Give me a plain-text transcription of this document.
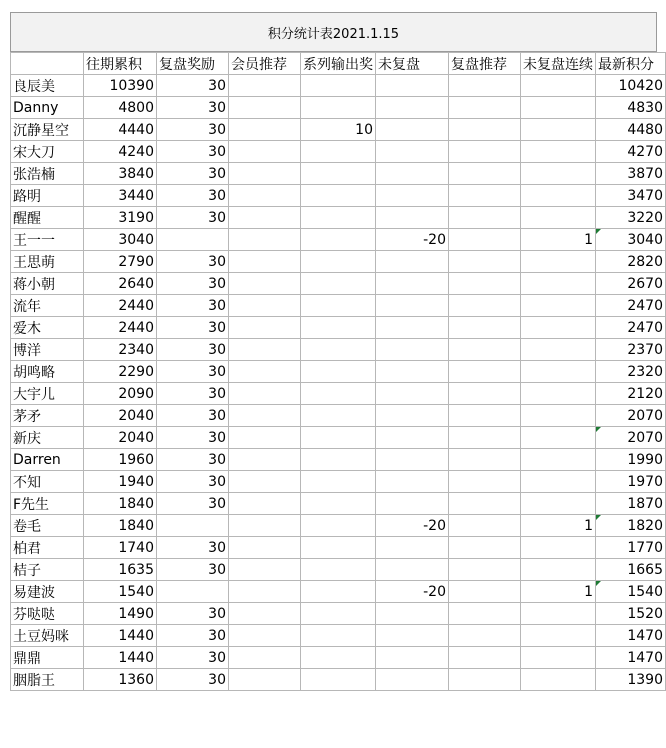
积分统计表2021.1.15
	往期累积	复盘奖励	会员推荐	系列输出奖	未复盘	复盘推荐	未复盘连续	最新积分
良辰美	10390	30						10420
Danny	4800	30						4830
沉静星空	4440	30		10				4480
宋大刀	4240	30						4270
张浩楠	3840	30						3870
路明	3440	30						3470
醒醒	3190	30						3220
王一一	3040				-20		1	3040

王思萌	2790	30						2820
蒋小朝	2640	30						2670
流年	2440	30						2470
爱木	2440	30						2470
博洋	2340	30						2370
胡鸣略	2290	30						2320
大宇儿	2090	30						2120
茅矛	2040	30						2070
新庆	2040	30						2070

Darren	1960	30						1990
不知	1940	30						1970
F先生	1840	30						1870
卷毛	1840				-20		1	1820

柏君	1740	30						1770
桔子	1635	30						1665
易建波	1540				-20		1	1540

芬哒哒	1490	30						1520
土豆妈咪	1440	30						1470
鼎鼎	1440	30						1470
胭脂王	1360	30						1390
